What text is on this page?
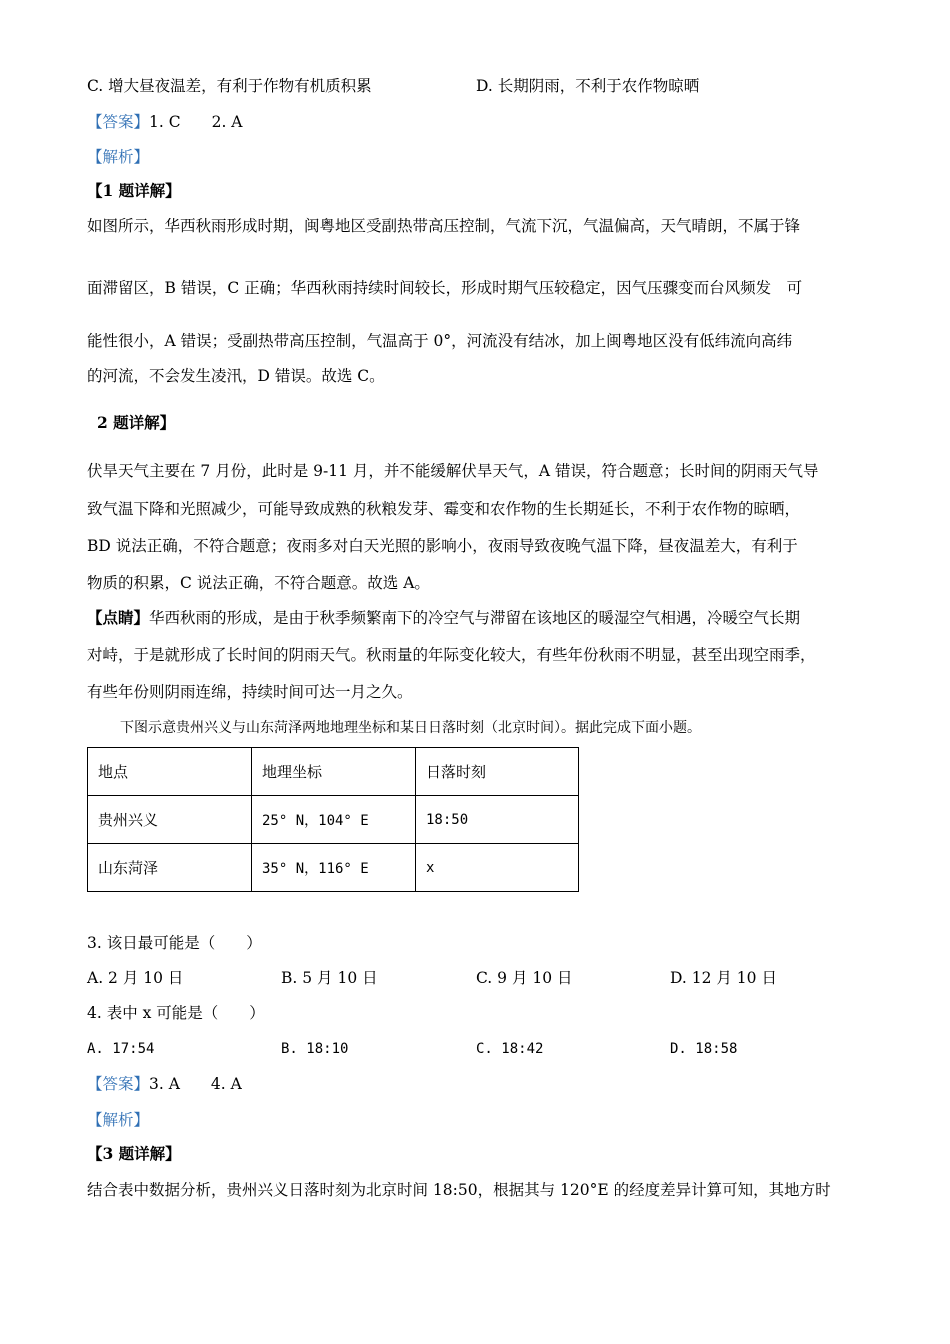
C. 增大昼夜温差，有利于作物有机质积累	D. 长期阴雨，不利于农作物晾晒
【答案】1. C　　2. A
【解析】
【1 题详解】
如图所示，华西秋雨形成时期，闽粤地区受副热带高压控制，气流下沉，气温偏高，天气晴朗，不属于锋
面滞留区，B 错误，C 正确；华西秋雨持续时间较长，形成时期气压较稳定，因气压骤变而台风频发　可
能性很小，A 错误；受副热带高压控制，气温高于 0°，河流没有结冰，加上闽粤地区没有低纬流向高纬
的河流，不会发生凌汛，D 错误。故选 C。
2 题详解】
伏旱天气主要在 7 月份，此时是 9-11 月，并不能缓解伏旱天气，A 错误，符合题意；长时间的阴雨天气导
致气温下降和光照减少，可能导致成熟的秋粮发芽、霉变和农作物的生长期延长，不利于农作物的晾晒，
BD 说法正确，不符合题意；夜雨多对白天光照的影响小，夜雨导致夜晚气温下降，昼夜温差大，有利于
物质的积累，C 说法正确，不符合题意。故选 A。
【点睛】华西秋雨的形成，是由于秋季频繁南下的冷空气与滞留在该地区的暖湿空气相遇，冷暖空气长期
对峙，于是就形成了长时间的阴雨天气。秋雨量的年际变化较大，有些年份秋雨不明显，甚至出现空雨季，
有些年份则阴雨连绵，持续时间可达一月之久。
下图示意贵州兴义与山东菏泽两地地理坐标和某日日落时刻（北京时间）。据此完成下面小题。
地点	地理坐标	日落时刻
贵州兴义	25° N，104° E	18:50
山东菏泽	35° N，116° E	x
3. 该日最可能是（　　）
A. 2 月 10 日	B. 5 月 10 日	C. 9 月 10 日	D. 12 月 10 日
4. 表中 x 可能是（　　）
A. 17:54	B. 18:10	C. 18:42	D. 18:58
【答案】3. A　　4. A
【解析】
【3 题详解】
结合表中数据分析，贵州兴义日落时刻为北京时间 18:50，根据其与 120°E 的经度差异计算可知，其地方时
